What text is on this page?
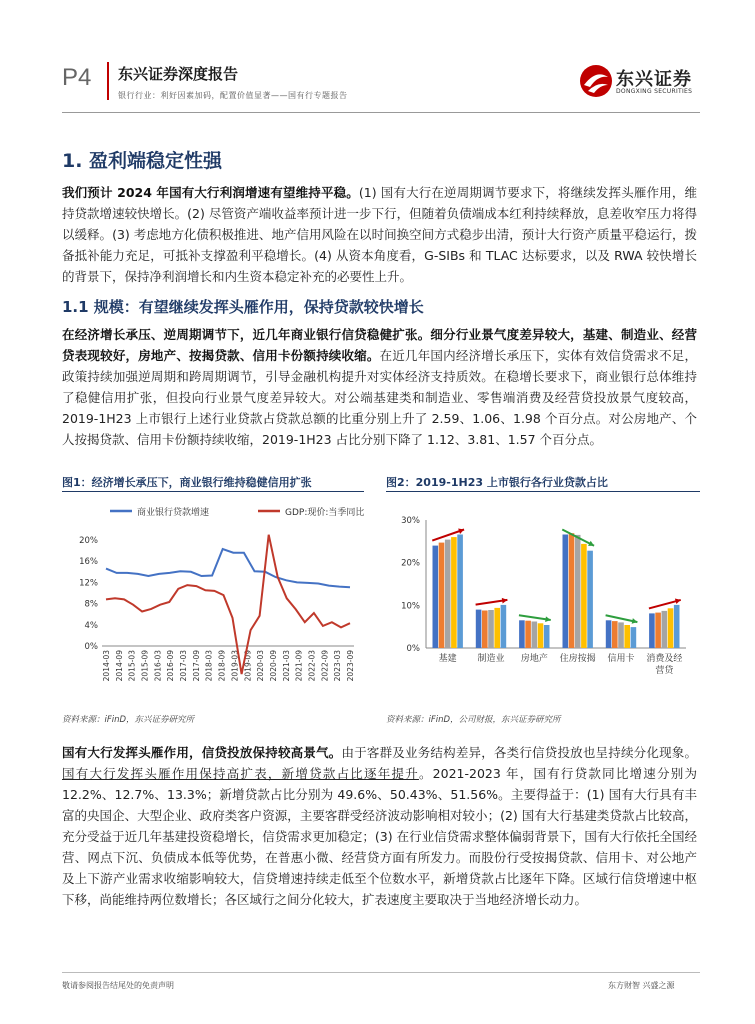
P4 东兴证券深度报告
银行行业：利好因素加码，配置价值显著——国有行专题报告
东兴证券
DONGXING SECURITIES
1. 盈利端稳定性强
我们预计 2024 年国有大行利润增速有望维持平稳。(1) 国有大行在逆周期调节要求下，将继续发挥头雁作用，维持贷款增速较快增长。(2) 尽管资产端收益率预计进一步下行，但随着负债端成本红利持续释放，息差收窄压力将得以缓释。(3) 考虑地方化债积极推进、地产信用风险在以时间换空间方式稳步出清，预计大行资产质量平稳运行，拨备抵补能力充足，可抵补支撑盈利平稳增长。(4) 从资本角度看，G-SIBs 和 TLAC 达标要求，以及 RWA 较快增长的背景下，保持净利润增长和内生资本稳定补充的必要性上升。
1.1 规模：有望继续发挥头雁作用，保持贷款较快增长
在经济增长承压、逆周期调节下，近几年商业银行信贷稳健扩张。细分行业景气度差异较大，基建、制造业、经营贷表现较好，房地产、按揭贷款、信用卡份额持续收缩。在近几年国内经济增长承压下，实体有效信贷需求不足，政策持续加强逆周期和跨周期调节，引导金融机构提升对实体经济支持质效。在稳增长要求下，商业银行总体维持了稳健信用扩张，但投向行业景气度差异较大。对公端基建类和制造业、零售端消费及经营贷投放景气度较高，2019-1H23 上市银行上述行业贷款占贷款总额的比重分别上升了 2.59、1.06、1.98 个百分点。对公房地产、个人按揭贷款、信用卡份额持续收缩，2019-1H23 占比分别下降了 1.12、3.81、1.57 个百分点。
图1：经济增长承压下，商业银行维持稳健信用扩张
商业银行贷款增速	GDP:现价:当季同比
0%
4%
8%
12%
16%
20%
2014-03 2014-09 2015-03 2015-09 2016-03 2016-09 2017-03 2017-09 2018-03 2018-09 2019-03 2019-09 2020-03 2020-09 2021-03 2021-09 2022-03 2022-09 2023-03 2023-09
资料来源：iFinD，东兴证券研究所
图2：2019-1H23 上市银行各行业贷款占比
0%
10%
20%
30%
基建 制造业 房地产 住房按揭 信用卡 消费及经
营贷
资料来源：iFinD，公司财报，东兴证券研究所
国有大行发挥头雁作用，信贷投放保持较高景气。由于客群及业务结构差异，各类行信贷投放也呈持续分化现象。国有大行发挥头雁作用保持高扩表，新增贷款占比逐年提升。2021-2023 年，国有行贷款同比增速分别为 12.2%、12.7%、13.3%；新增贷款占比分别为 49.6%、50.43%、51.56%。主要得益于：(1) 国有大行具有丰富的央国企、大型企业、政府类客户资源，主要客群受经济波动影响相对较小；(2) 国有大行基建类贷款占比较高，充分受益于近几年基建投资稳增长，信贷需求更加稳定；(3) 在行业信贷需求整体偏弱背景下，国有大行依托全国经营、网点下沉、负债成本低等优势，在普惠小微、经营贷方面有所发力。而股份行受按揭贷款、信用卡、对公地产及上下游产业需求收缩影响较大，信贷增速持续走低至个位数水平，新增贷款占比逐年下降。区域行信贷增速中枢下移，尚能维持两位数增长；各区域行之间分化较大，扩表速度主要取决于当地经济增长动力。
敬请参阅报告结尾处的免责声明	东方财智 兴盛之源
